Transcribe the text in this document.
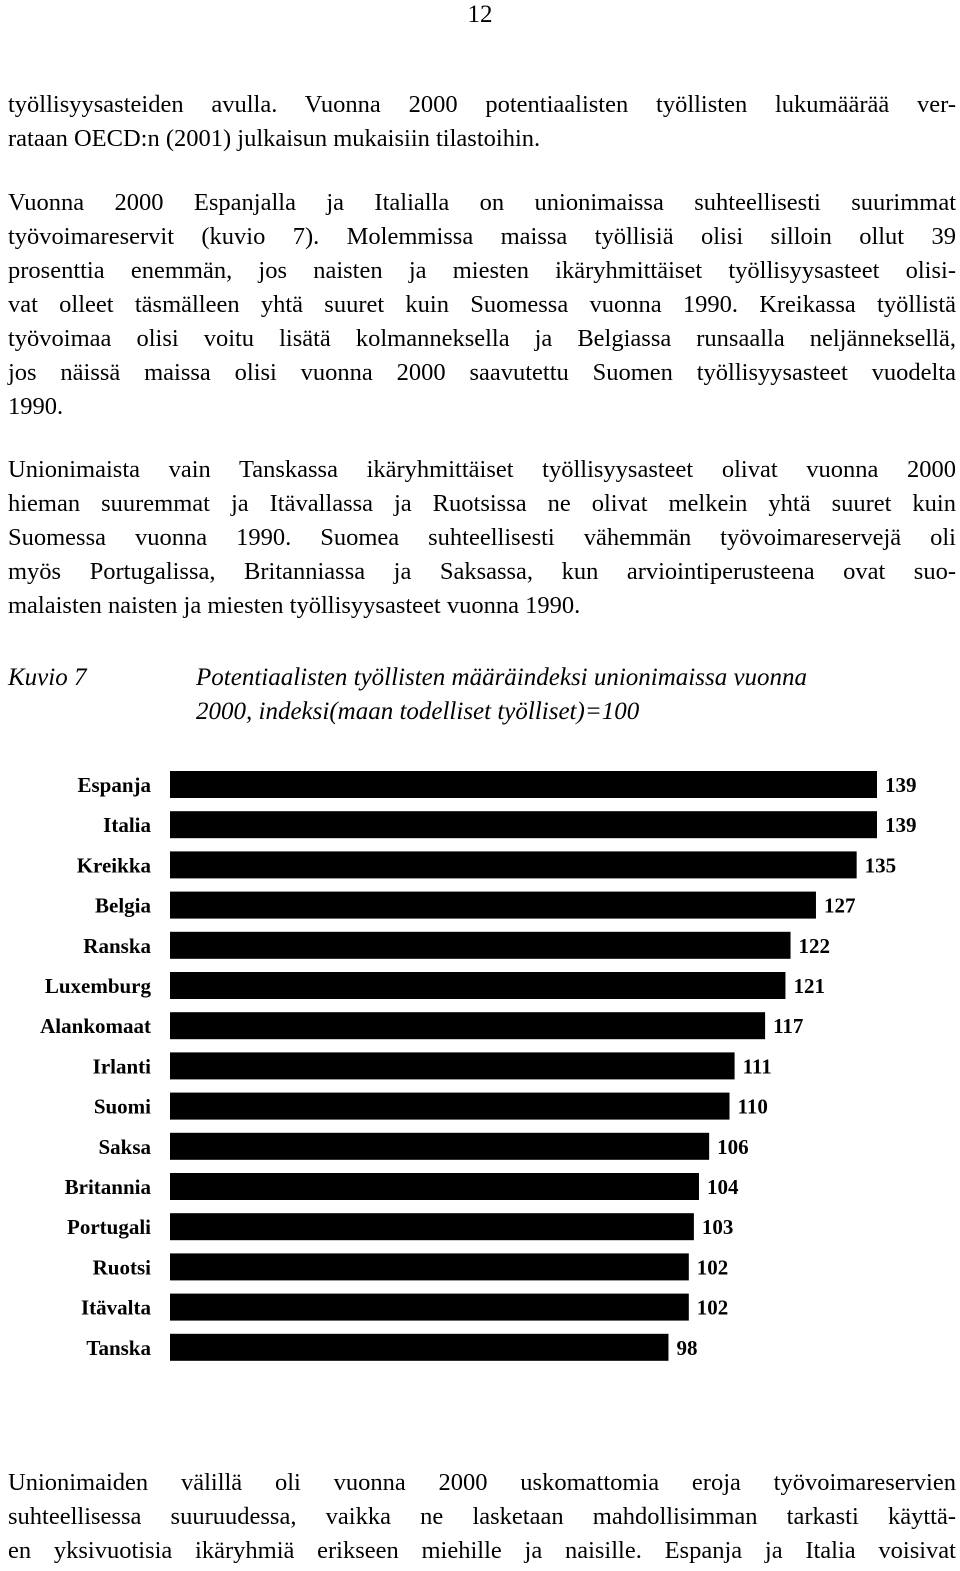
12
työllisyysasteiden avulla. Vuonna 2000 potentiaalisten työllisten lukumäärää ver-
rataan OECD:n (2001) julkaisun mukaisiin tilastoihin.
Vuonna 2000 Espanjalla ja Italialla on unionimaissa suhteellisesti suurimmat
työvoimareservit (kuvio 7). Molemmissa maissa työllisiä olisi silloin ollut 39
prosenttia enemmän, jos naisten ja miesten ikäryhmittäiset työllisyysasteet olisi-
vat olleet täsmälleen yhtä suuret kuin Suomessa vuonna 1990. Kreikassa työllistä
työvoimaa olisi voitu lisätä kolmanneksella ja Belgiassa runsaalla neljänneksellä,
jos näissä maissa olisi vuonna 2000 saavutettu Suomen työllisyysasteet vuodelta
1990.
Unionimaista vain Tanskassa ikäryhmittäiset työllisyysasteet olivat vuonna 2000
hieman suuremmat ja Itävallassa ja Ruotsissa ne olivat melkein yhtä suuret kuin
Suomessa vuonna 1990. Suomea suhteellisesti vähemmän työvoimareservejä oli
myös Portugalissa, Britanniassa ja Saksassa, kun arviointiperusteena ovat suo-
malaisten naisten ja miesten työllisyysasteet vuonna 1990.
Kuvio 7	Potentiaalisten työllisten määräindeksi unionimaissa vuonna
2000, indeksi(maan todelliset työlliset)=100
Espanja	139
Italia	139
Kreikka	135
Belgia	127
Ranska	122
Luxemburg	121
Alankomaat	117
Irlanti	111
Suomi	110
Saksa	106
Britannia	104
Portugali	103
Ruotsi	102
Itävalta	102
Tanska	98
Unionimaiden välillä oli vuonna 2000 uskomattomia eroja työvoimareservien
suhteellisessa suuruudessa, vaikka ne lasketaan mahdollisimman tarkasti käyttä-
en yksivuotisia ikäryhmiä erikseen miehille ja naisille. Espanja ja Italia voisivat
